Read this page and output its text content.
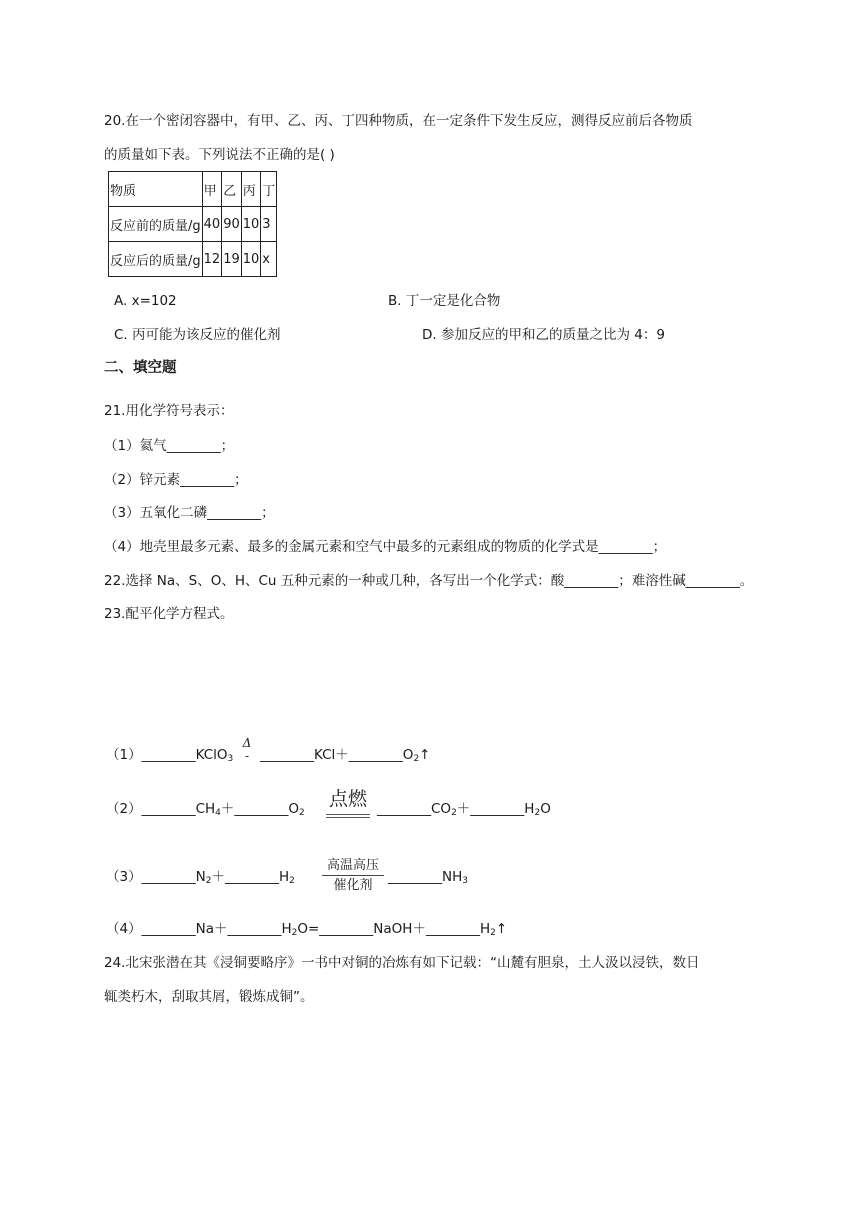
20.在一个密闭容器中，有甲、乙、丙、丁四种物质，在一定条件下发生反应，测得反应前后各物质
的质量如下表。下列说法不正确的是( )
物质	甲	乙	丙	丁
反应前的质量/g	40	90	10	3
反应后的质量/g	12	19	10	x
A. x=102	B. 丁一定是化合物
C. 丙可能为该反应的催化剂	D. 参加反应的甲和乙的质量之比为 4：9
二、填空题
21.用化学符号表示：
（1）氦气________；
（2）锌元素________；
（3）五氧化二磷________；
（4）地壳里最多元素、最多的金属元素和空气中最多的元素组成的物质的化学式是________；
22.选择 Na、S、O、H、Cu 五种元素的一种或几种，各写出一个化学式：酸________；难溶性碱________。
23.配平化学方程式。
（1）________KClO$_3$
Δ
- $\_\_\_\_\_\_\_\_KCl+\_\_\_\_\_\_\_\_O_2↑$
$(2)\_\_\_\_\_\_\_\_CH_4+\_\_\_\_\_\_\_\_O_2$
点燃 $\_\_\_\_\_\_\_\_CO_2+\_\_\_\_\_\_\_\_H_2O$
$(3)\_\_\_\_\_\_\_\_N_2+\_\_\_\_\_\_\_\_H_2$
高温高压
催化剂
$\_\_\_\_\_\_\_\_NH_3$
$(4)\_\_\_\_\_\_\_\_Na+\_\_\_\_\_\_\_\_H_2O=\_\_\_\_\_\_\_\_NaOH+\_\_\_\_\_\_\_\_H_2↑$
24.北宋张潜在其《浸铜要略序》一书中对铜的冶炼有如下记载：“山麓有胆泉，土人汲以浸铁，数日
辄类朽木，刮取其屑，锻炼成铜”。
